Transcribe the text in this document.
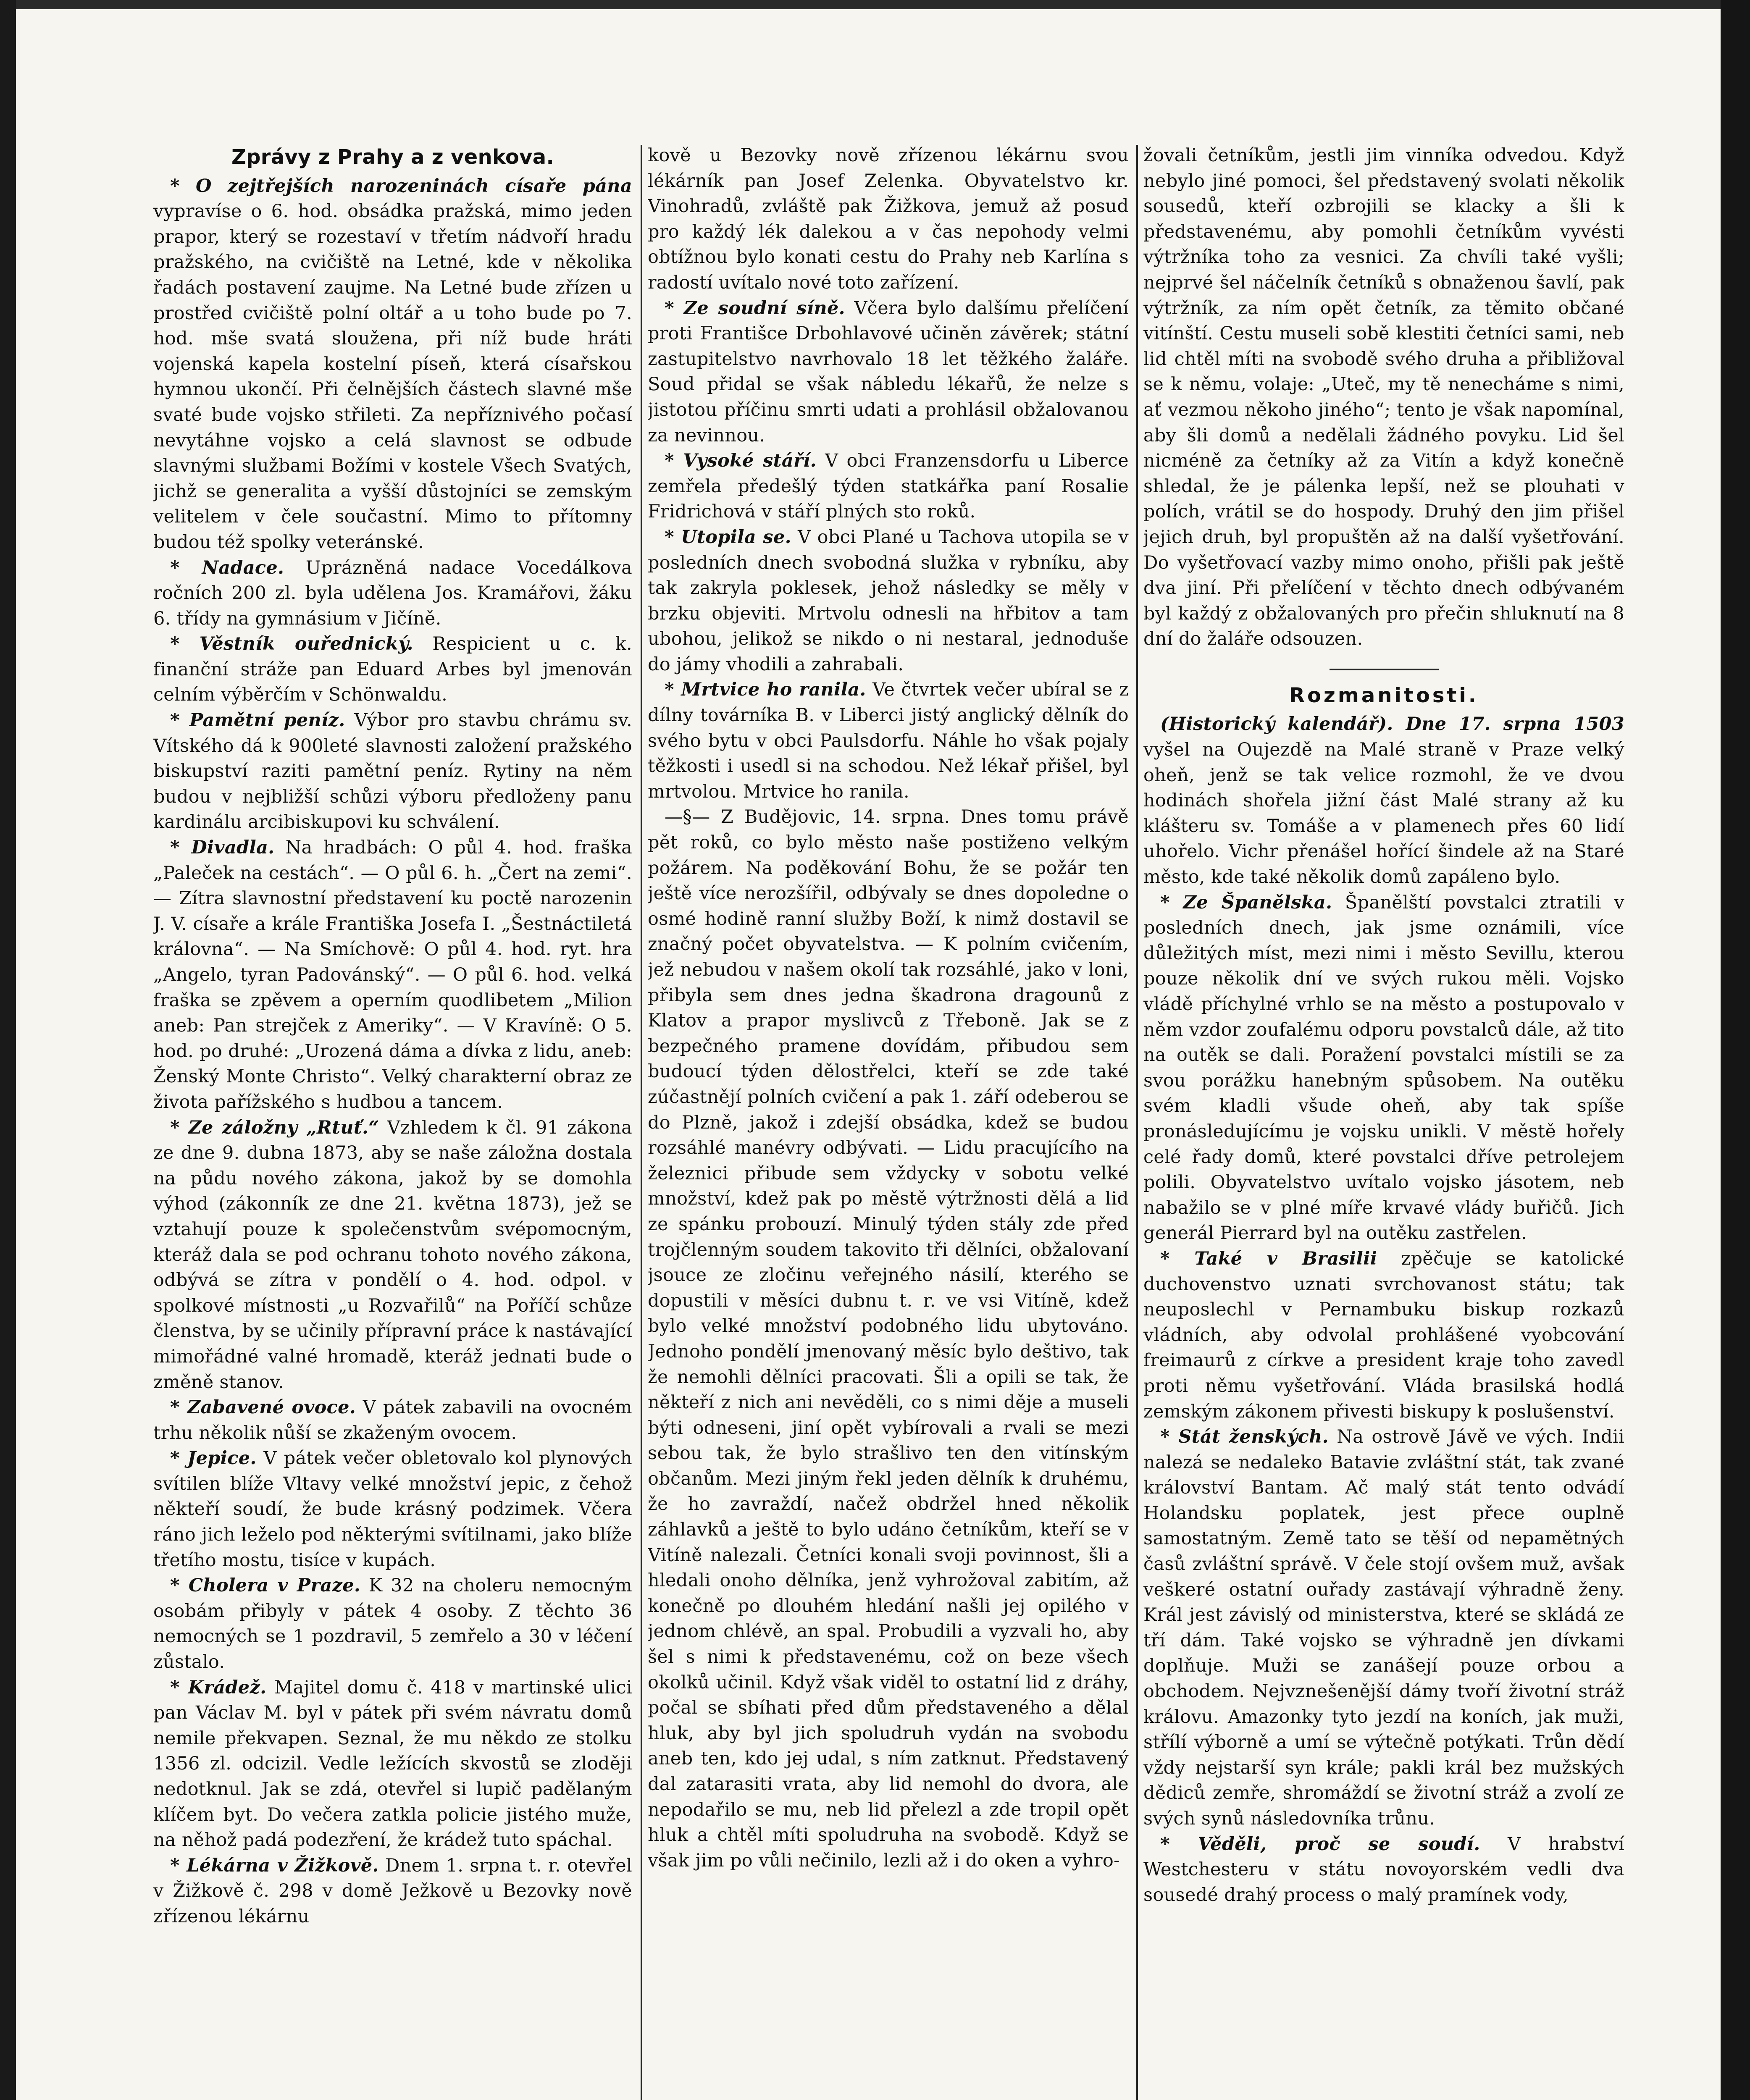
Zprávy z Prahy a z venkova.

* O zejtřejších narozeninách císaře pána vypravíse o 6. hod. obsádka pražská, mimo jeden prapor, který se rozestaví v třetím nádvoří hradu pražského, na cvičiště na Letné, kde v několika řadách postavení zaujme. Na Letné bude zřízen u prostřed cvičiště polní oltář a u toho bude po 7. hod. mše svatá sloužena, při níž bude hráti vojenská kapela kostelní píseň, která císařskou hymnou ukončí. Při čelnějších částech slavné mše svaté bude vojsko střileti. Za nepříznivého počasí nevytáhne vojsko a celá slavnost se odbude slavnými službami Božími v kostele Všech Svatých, jichž se generalita a vyšší důstojníci se zemským velitelem v čele součastní. Mimo to přítomny budou též spolky veteránské.

* Nadace. Uprázněná nadace Vocedálkova ročních 200 zl. byla udělena Jos. Kramářovi, žáku 6. třídy na gymnásium v Jičíně.

* Věstník ouřednický. Respicient u c. k. finanční stráže pan Eduard Arbes byl jmenován celním výběrčím v Schönwaldu.

* Pamětní peníz. Výbor pro stavbu chrámu sv. Vítského dá k 900leté slavnosti založení pražského biskupství raziti pamětní peníz. Rytiny na něm budou v nejbližší schůzi výboru předloženy panu kardinálu arcibiskupovi ku schválení.

* Divadla. Na hradbách: O půl 4. hod. fraška „Paleček na cestách“. — O půl 6. h. „Čert na zemi“. — Zítra slavnostní představení ku poctě narozenin J. V. císaře a krále Františka Josefa I. „Šestnáctiletá královna“. — Na Smíchově: O půl 4. hod. ryt. hra „Angelo, tyran Padovánský“. — O půl 6. hod. velká fraška se zpěvem a operním quodlibetem „Milion aneb: Pan strejček z Ameriky“. — V Kravíně: O 5. hod. po druhé: „Urozená dáma a dívka z lidu, aneb: Ženský Monte Christo“. Velký charakterní obraz ze života pařížského s hudbou a tancem.

* Ze záložny „Rtuť.“ Vzhledem k čl. 91 zákona ze dne 9. dubna 1873, aby se naše záložna dostala na půdu nového zákona, jakož by se domohla výhod (zákonník ze dne 21. května 1873), jež se vztahují pouze k společenstvům svépomocným, kteráž dala se pod ochranu tohoto nového zákona, odbývá se zítra v pondělí o 4. hod. odpol. v spolkové místnosti „u Rozvařilů“ na Poříčí schůze členstva, by se učinily přípravní práce k nastávající mimořádné valné hromadě, kteráž jednati bude o změně stanov.

* Zabavené ovoce. V pátek zabavili na ovocném trhu několik nůší se zkaženým ovocem.

* Jepice. V pátek večer obletovalo kol plynových svítilen blíže Vltavy velké množství jepic, z čehož někteří soudí, že bude krásný podzimek. Včera ráno jich leželo pod některými svítilnami, jako blíže třetího mostu, tisíce v kupách.

* Cholera v Praze. K 32 na choleru nemocným osobám přibyly v pátek 4 osoby. Z těchto 36 nemocných se 1 pozdravil, 5 zemřelo a 30 v léčení zůstalo.

* Krádež. Majitel domu č. 418 v martinské ulici pan Václav M. byl v pátek při svém návratu domů nemile překvapen. Seznal, že mu někdo ze stolku 1356 zl. odcizil. Vedle ležících skvostů se zloději nedotknul. Jak se zdá, otevřel si lupič padělaným klíčem byt. Do večera zatkla policie jistého muže, na něhož padá podezření, že krádež tuto spáchal.

* Lékárna v Žižkově. Dnem 1. srpna t. r. otevřel v Žižkově č. 298 v domě Ježkově u Bezovky nově zřízenou lékárnu

kově u Bezovky nově zřízenou lékárnu svou lékárník pan Josef Zelenka. Obyvatelstvo kr. Vinohradů, zvláště pak Žižkova, jemuž až posud pro každý lék dalekou a v čas nepohody velmi obtížnou bylo konati cestu do Prahy neb Karlína s radostí uvítalo nové toto zařízení.

* Ze soudní síně. Včera bylo dalšímu přelíčení proti Františce Drbohlavové učiněn závěrek; státní zastupitelstvo navrhovalo 18 let těžkého žaláře. Soud přidal se však nábledu lékařů, že nelze s jistotou příčinu smrti udati a prohlásil obžalovanou za nevinnou.

* Vysoké stáří. V obci Franzensdorfu u Liberce zemřela předešlý týden statkářka paní Rosalie Fridrichová v stáří plných sto roků.

* Utopila se. V obci Plané u Tachova utopila se v posledních dnech svobodná služka v rybníku, aby tak zakryla poklesek, jehož následky se měly v brzku objeviti. Mrtvolu odnesli na hřbitov a tam ubohou, jelikož se nikdo o ni nestaral, jednoduše do jámy vhodili a zahrabali.

* Mrtvice ho ranila. Ve čtvrtek večer ubíral se z dílny továrníka B. v Liberci jistý anglický dělník do svého bytu v obci Paulsdorfu. Náhle ho však pojaly těžkosti i usedl si na schodou. Než lékař přišel, byl mrtvolou. Mrtvice ho ranila.

—§— Z Budějovic, 14. srpna. Dnes tomu právě pět roků, co bylo město naše postiženo velkým požárem. Na poděkování Bohu, že se požár ten ještě více nerozšířil, odbývaly se dnes dopoledne o osmé hodině ranní služby Boží, k nimž dostavil se značný počet obyvatelstva. — K polním cvičením, jež nebudou v našem okolí tak rozsáhlé, jako v loni, přibyla sem dnes jedna škadrona dragounů z Klatov a prapor myslivců z Třeboně. Jak se z bezpečného pramene dovídám, přibudou sem budoucí týden dělostřelci, kteří se zde také zúčastnějí polních cvičení a pak 1. září odeberou se do Plzně, jakož i zdejší obsádka, kdež se budou rozsáhlé manévry odbývati. — Lidu pracujícího na železnici přibude sem vždycky v sobotu velké množství, kdež pak po městě výtržnosti dělá a lid ze spánku probouzí. Minulý týden stály zde před trojčlenným soudem takovito tři dělníci, obžalovaní jsouce ze zločinu veřejného násilí, kterého se dopustili v měsíci dubnu t. r. ve vsi Vitíně, kdež bylo velké množství podobného lidu ubytováno. Jednoho pondělí jmenovaný měsíc bylo deštivo, tak že nemohli dělníci pracovati. Šli a opili se tak, že někteří z nich ani nevěděli, co s nimi děje a museli býti odneseni, jiní opět vybírovali a rvali se mezi sebou tak, že bylo strašlivo ten den vitínským občanům. Mezi jiným řekl jeden dělník k druhému, že ho zavraždí, načež obdržel hned několik záhlavků a ještě to bylo udáno četníkům, kteří se v Vitíně nalezali. Četníci konali svoji povinnost, šli a hledali onoho dělníka, jenž vyhrožoval zabitím, až konečně po dlouhém hledání našli jej opilého v jednom chlévě, an spal. Probudili a vyzvali ho, aby šel s nimi k představenému, což on beze všech okolků učinil. Když však viděl to ostatní lid z dráhy, počal se sbíhati před dům představeného a dělal hluk, aby byl jich spoludruh vydán na svobodu aneb ten, kdo jej udal, s ním zatknut. Představený dal zatarasiti vrata, aby lid nemohl do dvora, ale nepodařilo se mu, neb lid přelezl a zde tropil opět hluk a chtěl míti spoludruha na svobodě. Když se však jim po vůli nečinilo, lezli až i do oken a vyhro-

žovali četníkům, jestli jim vinníka odvedou. Když nebylo jiné pomoci, šel představený svolati několik sousedů, kteří ozbrojili se klacky a šli k představenému, aby pomohli četníkům vyvésti výtržníka toho za vesnici. Za chvíli také vyšli; nejprvé šel náčelník četníků s obnaženou šavlí, pak výtržník, za ním opět četník, za těmito občané vitínští. Cestu museli sobě klestiti četníci sami, neb lid chtěl míti na svobodě svého druha a přibližoval se k němu, volaje: „Uteč, my tě nenecháme s nimi, ať vezmou někoho jiného“; tento je však napomínal, aby šli domů a nedělali žádného povyku. Lid šel nicméně za četníky až za Vitín a když konečně shledal, že je pálenka lepší, než se plouhati v polích, vrátil se do hospody. Druhý den jim přišel jejich druh, byl propuštěn až na další vyšetřování. Do vyšetřovací vazby mimo onoho, přišli pak ještě dva jiní. Při přelíčení v těchto dnech odbývaném byl každý z obžalovaných pro přečin shluknutí na 8 dní do žaláře odsouzen.

Rozmanitosti.

(Historický kalendář). Dne 17. srpna 1503 vyšel na Oujezdě na Malé straně v Praze velký oheň, jenž se tak velice rozmohl, že ve dvou hodinách shořela jižní část Malé strany až ku klášteru sv. Tomáše a v plamenech přes 60 lidí uhořelo. Vichr přenášel hořící šindele až na Staré město, kde také několik domů zapáleno bylo.

* Ze Španělska. Španělští povstalci ztratili v posledních dnech, jak jsme oznámili, více důležitých míst, mezi nimi i město Sevillu, kterou pouze několik dní ve svých rukou měli. Vojsko vládě příchylné vrhlo se na město a postupovalo v něm vzdor zoufalému odporu povstalců dále, až tito na outěk se dali. Poražení povstalci místili se za svou porážku hanebným spůsobem. Na outěku svém kladli všude oheň, aby tak spíše pronásledujícímu je vojsku unikli. V městě hořely celé řady domů, které povstalci dříve petrolejem polili. Obyvatelstvo uvítalo vojsko jásotem, neb nabažilo se v plné míře krvavé vlády buřičů. Jich generál Pierrard byl na outěku zastřelen.

* Také v Brasilii zpěčuje se katolické duchovenstvo uznati svrchovanost státu; tak neuposlechl v Pernambuku biskup rozkazů vládních, aby odvolal prohlášené vyobcování freimaurů z církve a president kraje toho zavedl proti němu vyšetřování. Vláda brasilská hodlá zemským zákonem přivesti biskupy k poslušenství.

* Stát ženských. Na ostrově Jávě ve vých. Indii nalezá se nedaleko Batavie zvláštní stát, tak zvané království Bantam. Ač malý stát tento odvádí Holandsku poplatek, jest přece ouplně samostatným. Země tato se těší od nepamětných časů zvláštní správě. V čele stojí ovšem muž, avšak veškeré ostatní ouřady zastávají výhradně ženy. Král jest závislý od ministerstva, které se skládá ze tří dám. Také vojsko se výhradně jen dívkami doplňuje. Muži se zanášejí pouze orbou a obchodem. Nejvznešenější dámy tvoří životní stráž královu. Amazonky tyto jezdí na koních, jak muži, střílí výborně a umí se výtečně potýkati. Trůn dědí vždy nejstarší syn krále; pakli král bez mužských dědiců zemře, shromáždí se životní stráž a zvolí ze svých synů následovníka trůnu.

* Věděli, proč se soudí. V hrabství Westchesteru v státu novoyorském vedli dva sousedé drahý process o malý pramínek vody,
